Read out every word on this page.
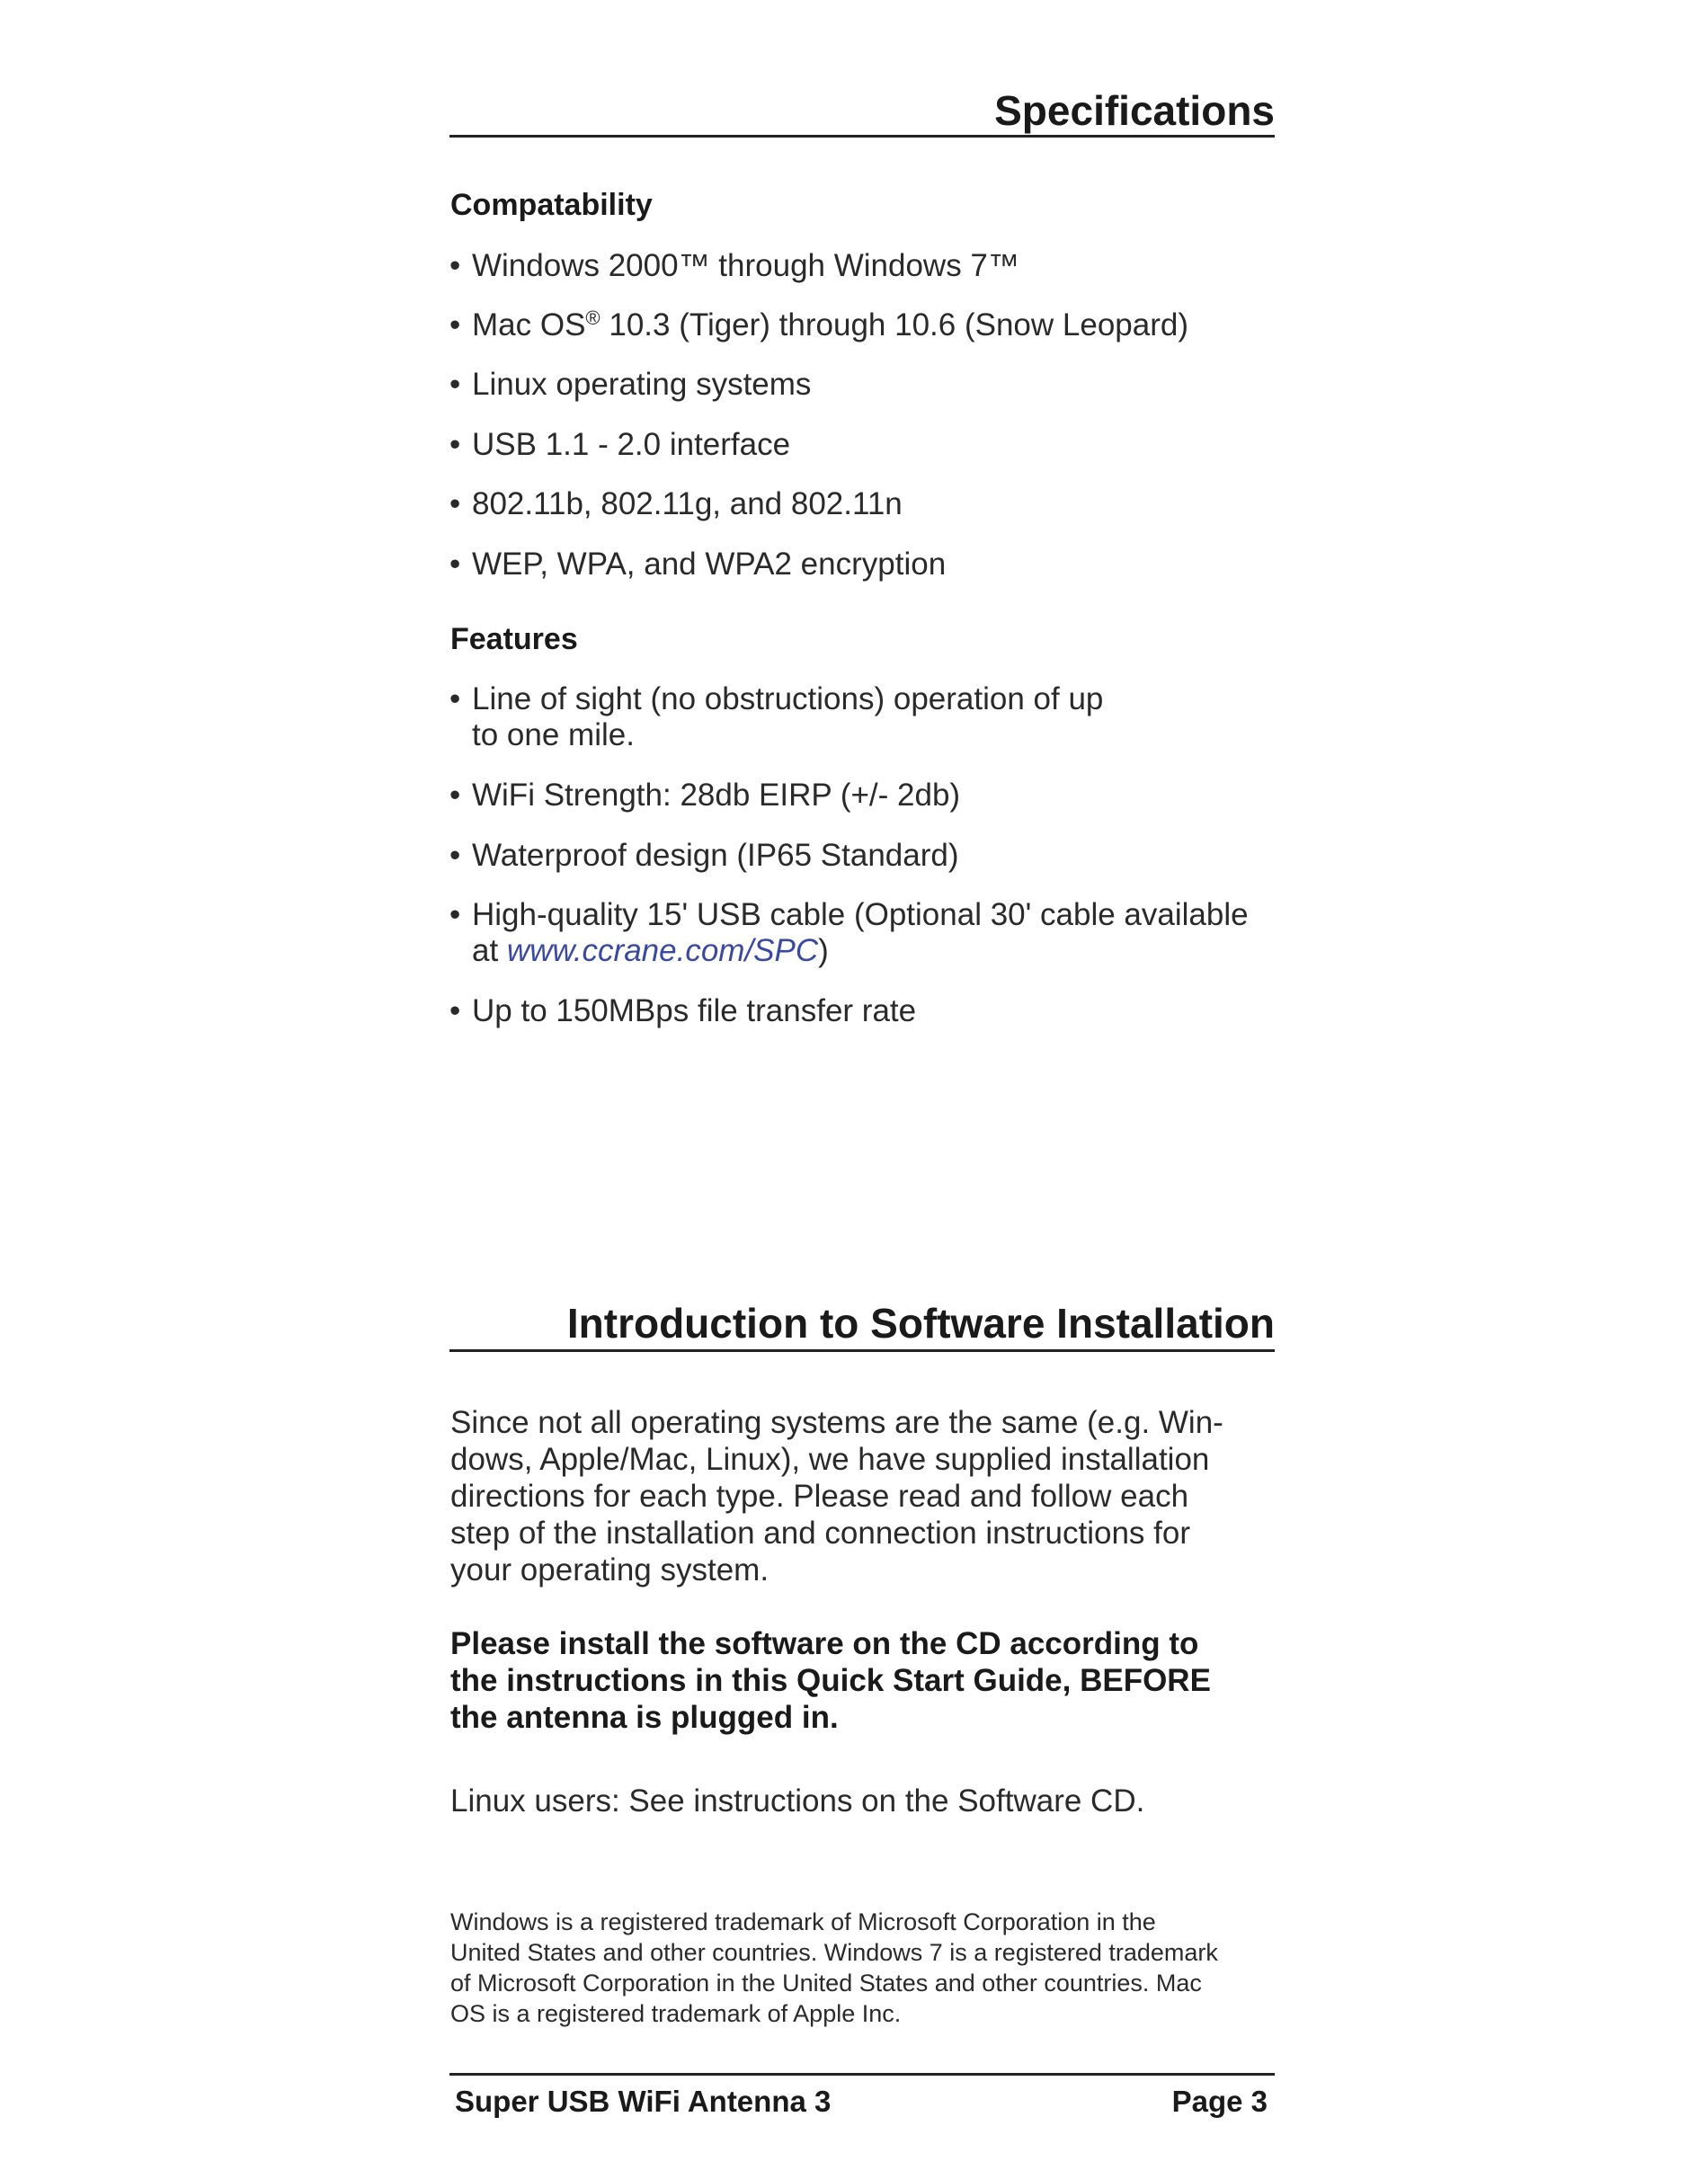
Specifications
Compatability
• Windows 2000™ through Windows 7™
• Mac OS® 10.3 (Tiger) through 10.6 (Snow Leopard)
• Linux operating systems
• USB 1.1 - 2.0 interface
• 802.11b, 802.11g, and 802.11n
• WEP, WPA, and WPA2 encryption
Features
• Line of sight (no obstructions) operation of up
to one mile.
• WiFi Strength: 28db EIRP (+/- 2db)
• Waterproof design (IP65 Standard)
• High-quality 15' USB cable (Optional 30' cable available
at www.ccrane.com/SPC)
• Up to 150MBps file transfer rate
Introduction to Software Installation
Since not all operating systems are the same (e.g. Win-
dows, Apple/Mac, Linux), we have supplied installation
directions for each type. Please read and follow each
step of the installation and connection instructions for
your operating system.
Please install the software on the CD according to
the instructions in this Quick Start Guide, BEFORE
the antenna is plugged in.
Linux users: See instructions on the Software CD.
Windows is a registered trademark of Microsoft Corporation in the
United States and other countries. Windows 7 is a registered trademark
of Microsoft Corporation in the United States and other countries. Mac
OS is a registered trademark of Apple Inc.
Super USB WiFi Antenna 3	Page 3
